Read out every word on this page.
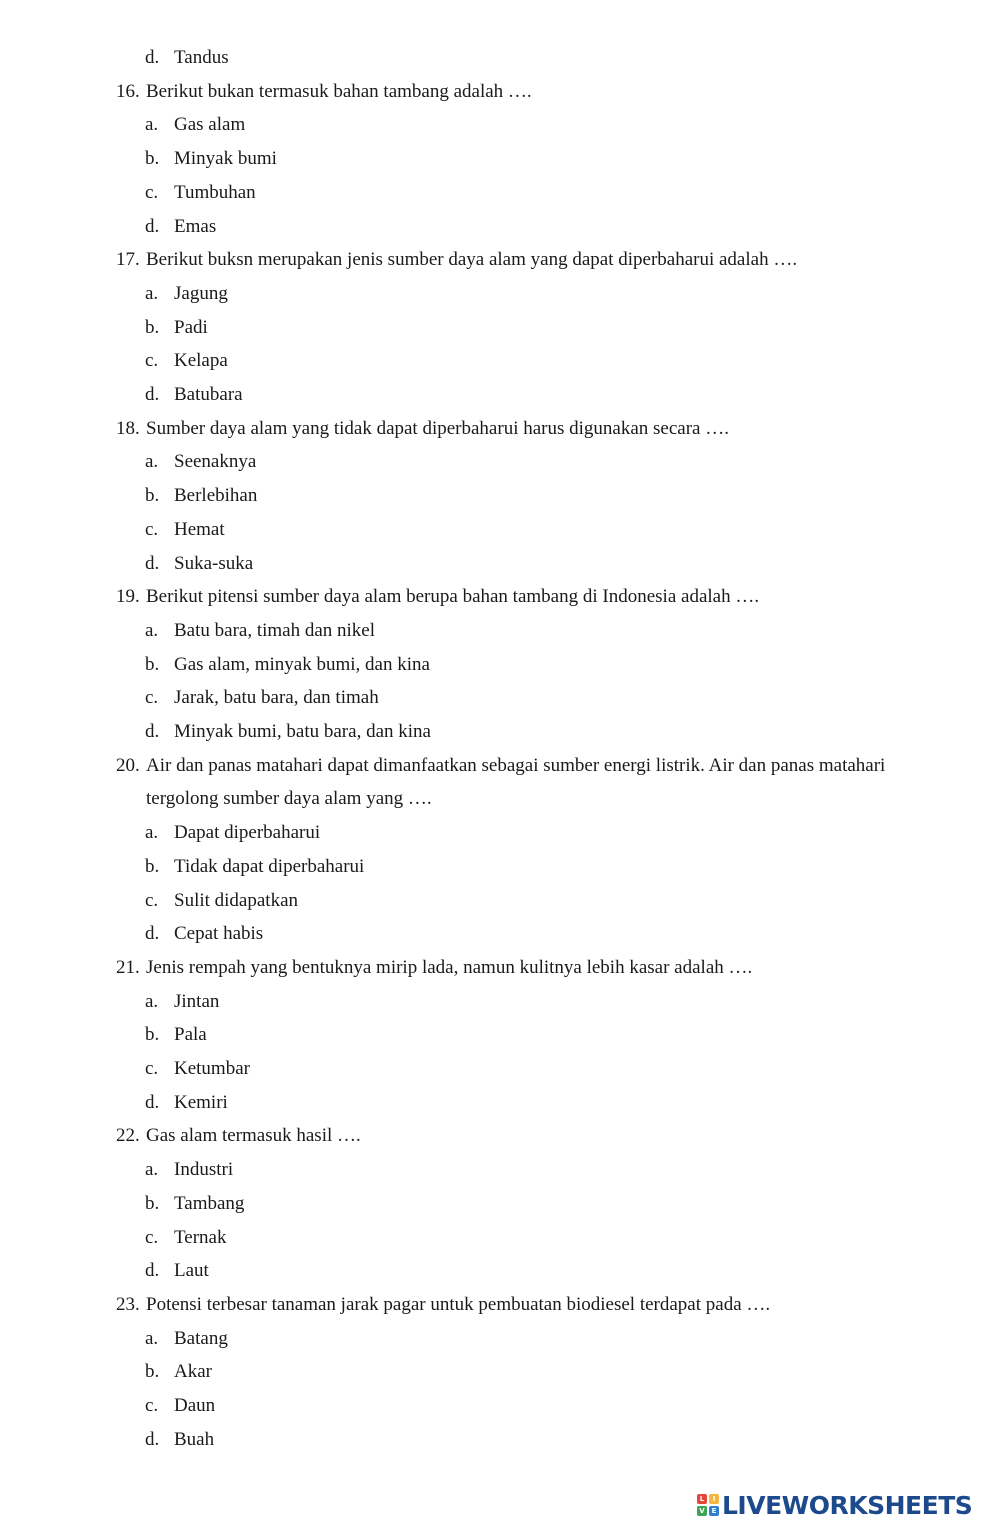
d. Tandus
16. Berikut bukan termasuk bahan tambang adalah ….
a. Gas alam
b. Minyak bumi
c. Tumbuhan
d. Emas
17. Berikut buksn merupakan jenis sumber daya alam yang dapat diperbaharui adalah ….
a. Jagung
b. Padi
c. Kelapa
d. Batubara
18. Sumber daya alam yang tidak dapat diperbaharui harus digunakan secara ….
a. Seenaknya
b. Berlebihan
c. Hemat
d. Suka-suka
19. Berikut pitensi sumber daya alam berupa bahan tambang di Indonesia adalah ….
a. Batu bara, timah dan nikel
b. Gas alam, minyak bumi, dan kina
c. Jarak, batu bara, dan timah
d. Minyak bumi, batu bara, dan kina
20. Air dan panas matahari dapat dimanfaatkan sebagai sumber energi listrik. Air dan panas matahari
tergolong sumber daya alam yang ….
a. Dapat diperbaharui
b. Tidak dapat diperbaharui
c. Sulit didapatkan
d. Cepat habis
21. Jenis rempah yang bentuknya mirip lada, namun kulitnya lebih kasar adalah ….
a. Jintan
b. Pala
c. Ketumbar
d. Kemiri
22. Gas alam termasuk hasil ….
a. Industri
b. Tambang
c. Ternak
d. Laut
23. Potensi terbesar tanaman jarak pagar untuk pembuatan biodiesel terdapat pada ….
a. Batang
b. Akar
c. Daun
d. Buah
L	I
V E LIVEWORKSHEETS
